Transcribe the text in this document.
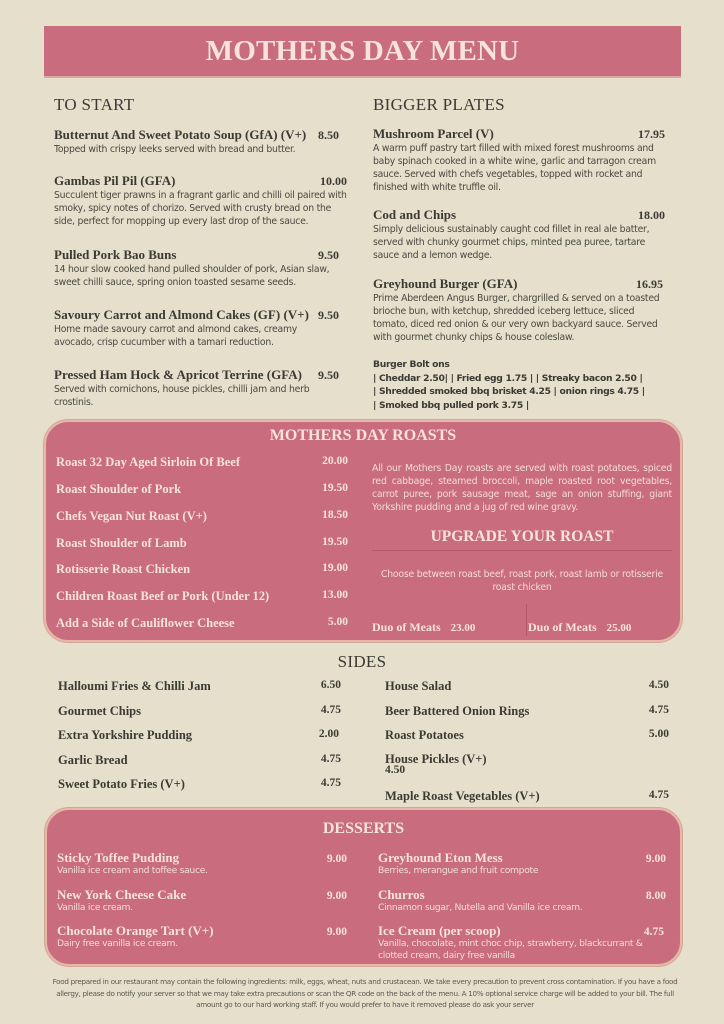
MOTHERS DAY MENU
TO START
Butternut And Sweet Potato Soup (GfA) (V+) 8.50
Topped with crispy leeks served with bread and butter.
Gambas Pil Pil (GFA)	10.00
Succulent tiger prawns in a fragrant garlic and chilli oil paired with smoky, spicy notes of chorizo. Served with crusty bread on the side, perfect for mopping up every last drop of the sauce.
Pulled Pork Bao Buns	9.50
14 hour slow cooked hand pulled shoulder of pork, Asian slaw, sweet chilli sauce, spring onion toasted sesame seeds.
Savoury Carrot and Almond Cakes (GF) (V+) 9.50
Home made savoury carrot and almond cakes, creamy avocado, crisp cucumber with a tamari reduction.
Pressed Ham Hock & Apricot Terrine (GFA) 9.50
Served with cornichons, house pickles, chilli jam and herb crostinis.
BIGGER PLATES
Mushroom Parcel (V)	17.95
A warm puff pastry tart filled with mixed forest mushrooms and baby spinach cooked in a white wine, garlic and tarragon cream sauce. Served with chefs vegetables, topped with rocket and finished with white truffle oil.
Cod and Chips	18.00
Simply delicious sustainably caught cod fillet in real ale batter, served with chunky gourmet chips, minted pea puree, tartare sauce and a lemon wedge.
Greyhound Burger (GFA)	16.95
Prime Aberdeen Angus Burger, chargrilled & served on a toasted brioche bun, with ketchup, shredded iceberg lettuce, sliced tomato, diced red onion & our very own backyard sauce. Served with gourmet chunky chips & house coleslaw.
Burger Bolt ons
| Cheddar 2.50| | Fried egg 1.75 | | Streaky bacon 2.50 |
| Shredded smoked bbq brisket 4.25 | onion rings 4.75 |
| Smoked bbq pulled pork 3.75 |
MOTHERS DAY ROASTS
Roast 32 Day Aged Sirloin Of Beef	20.00
Roast Shoulder of Pork	19.50
Chefs Vegan Nut Roast (V+)	18.50
Roast Shoulder of Lamb	19.50
Rotisserie Roast Chicken	19.00
Children Roast Beef or Pork (Under 12)	13.00
Add a Side of Cauliflower Cheese	5.00
All our Mothers Day roasts are served with roast potatoes, spiced red cabbage, steamed broccoli, maple roasted root vegetables, carrot puree, pork sausage meat, sage an onion stuffing, giant Yorkshire pudding and a jug of red wine gravy.
UPGRADE YOUR ROAST
Choose between roast beef, roast pork, roast lamb or rotisserie roast chicken
Duo of Meats 23.00	Duo of Meats 25.00
SIDES
Halloumi Fries & Chilli Jam	6.50
Gourmet Chips	4.75
Extra Yorkshire Pudding	2.00
Garlic Bread	4.75
Sweet Potato Fries (V+)	4.75
House Salad	4.50
Beer Battered Onion Rings	4.75
Roast Potatoes	5.00
House Pickles (V+)
4.50
Maple Roast Vegetables (V+)	4.75
DESSERTS
Sticky Toffee Pudding	9.00
Vanilla ice cream and toffee sauce.
New York Cheese Cake	9.00
Vanilla ice cream.
Chocolate Orange Tart (V+)	9.00
Dairy free vanilla ice cream.
Greyhound Eton Mess	9.00
Berries, merangue and fruit compote
Churros	8.00
Cinnamon sugar, Nutella and Vanilla ice cream.
Ice Cream (per scoop)	4.75
Vanilla, chocolate, mint choc chip, strawberry, blackcurrant & clotted cream, dairy free vanilla
Food prepared in our restaurant may contain the following ingredients: milk, eggs, wheat, nuts and crustacean. We take every precaution to prevent cross contamination. If you have a food allergy, please do notify your server so that we may take extra precautions or scan the QR code on the back of the menu. A 10% optional service charge will be added to your bill. The full amount go to our hard working staff. If you would prefer to have it removed please do ask your server
